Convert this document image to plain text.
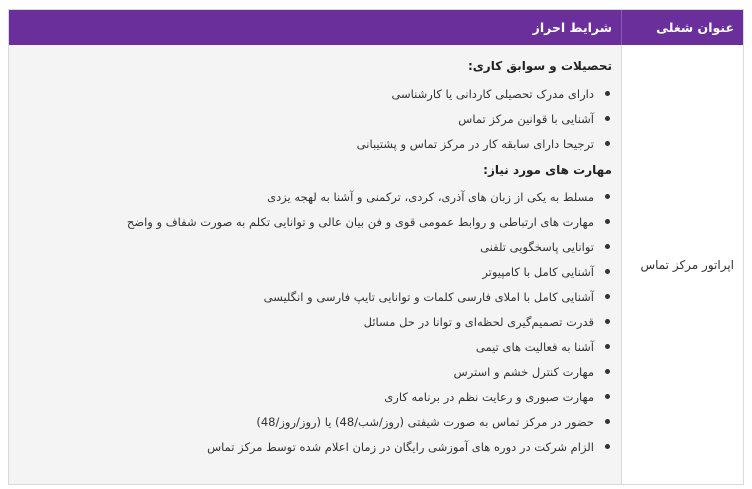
عنوان شغلی
شرایط احراز
اپراتور مرکز تماس
تحصیلات و سوابق کاری:
دارای مدرک تحصیلی کاردانی یا کارشناسی
آشنایی با قوانین مرکز تماس
ترجیحا دارای سابقه کار در مرکز تماس و پشتیبانی
مهارت های مورد نیاز:
مسلط به یکی از زبان های آذری، کردی، ترکمنی و آشنا به لهجه یزدی
مهارت های ارتباطی و روابط عمومی قوی و فن بیان عالی و توانایی تکلم به صورت شفاف و واضح
توانایی پاسخگویی تلفنی
آشنایی کامل با کامپیوتر
آشنایی کامل با املای فارسی کلمات و توانایی تایپ فارسی و انگلیسی
قدرت تصمیم‌گیری لحظه‌ای و توانا در حل مسائل
آشنا به فعالیت های تیمی
مهارت کنترل خشم و استرس
مهارت صبوری و رعایت نظم در برنامه کاری
حضور در مرکز تماس به صورت شیفتی (روز/شب/48) یا (روز/روز/48)
الزام شرکت در دوره های آموزشی رایگان در زمان اعلام شده توسط مرکز تماس
